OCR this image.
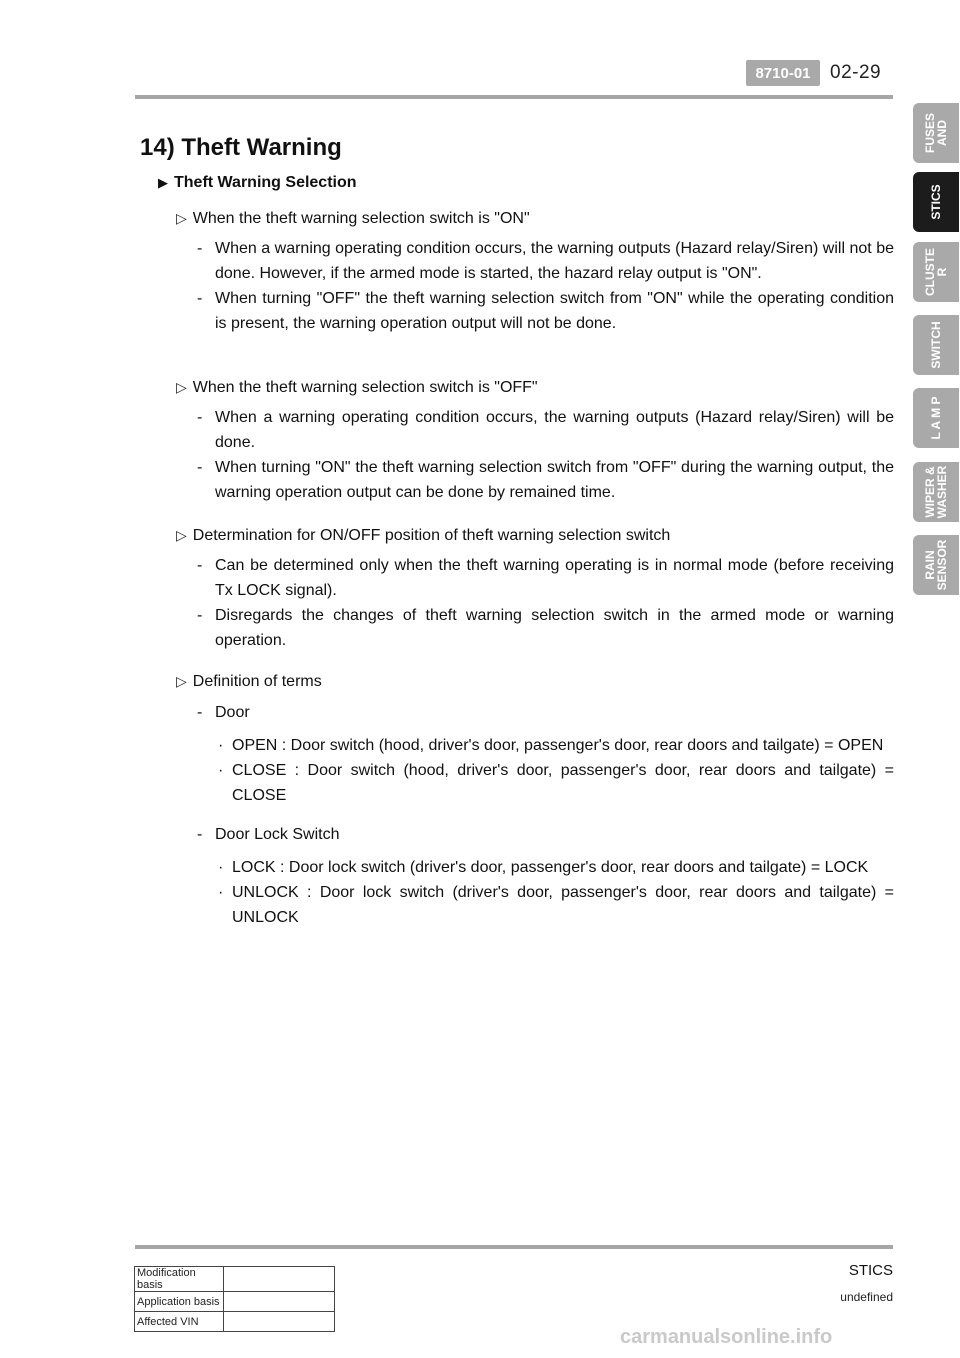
8710-01	02-29
FUSES
AND
STICS
CLUSTE
R
SWITCH
L A M P
WIPER &
WASHER
RAIN
SENSOR
14) Theft Warning
▶ Theft Warning Selection
▷ When the theft warning selection switch is "ON"
- When a warning operating condition occurs, the warning outputs (Hazard relay/Siren) will not be done. However, if the armed mode is started, the hazard relay output is "ON".
- When turning "OFF" the theft warning selection switch from "ON" while the operating condition is present, the warning operation output will not be done.
▷ When the theft warning selection switch is "OFF"
- When a warning operating condition occurs, the warning outputs (Hazard relay/Siren) will be done.
- When turning "ON" the theft warning selection switch from "OFF" during the warning output, the warning operation output can be done by remained time.
▷ Determination for ON/OFF position of theft warning selection switch
- Can be determined only when the theft warning operating is in normal mode (before receiving Tx LOCK signal).
- Disregards the changes of theft warning selection switch in the armed mode or warning operation.
▷ Definition of terms
- Door
· OPEN : Door switch (hood, driver's door, passenger's door, rear doors and tailgate) = OPEN
· CLOSE : Door switch (hood, driver's door, passenger's door, rear doors and tailgate) = CLOSE
- Door Lock Switch
· LOCK : Door lock switch (driver's door, passenger's door, rear doors and tailgate) = LOCK
· UNLOCK : Door lock switch (driver's door, passenger's door, rear doors and tailgate) = UNLOCK
STICS
undefined
Modification basis	
Application basis	
Affected VIN	
carmanualsonline.info
